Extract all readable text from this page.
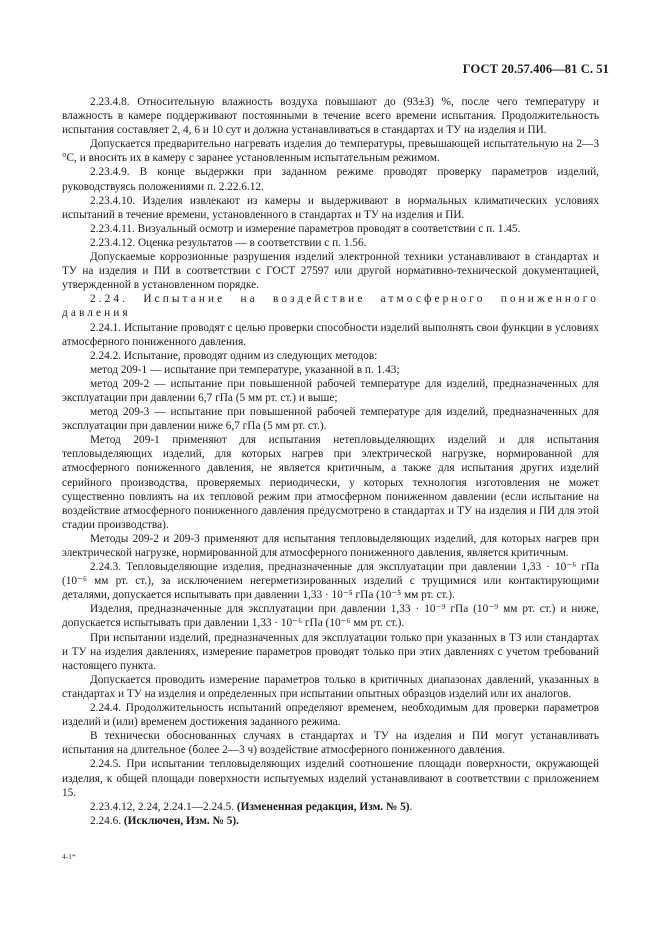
ГОСТ 20.57.406—81 С. 51

2.23.4.8. Относительную влажность воздуха повышают до (93±3) %, после чего температуру и влажность в камере поддерживают постоянными в течение всего времени испытания. Продолжительность испытания составляет 2, 4, 6 и 10 сут и должна устанавливаться в стандартах и ТУ на изделия и ПИ.

Допускается предварительно нагревать изделия до температуры, превышающей испытательную на 2—3 °С, и вносить их в камеру с заранее установленным испытательным режимом.

2.23.4.9. В конце выдержки при заданном режиме проводят проверку параметров изделий, руководствуясь положениями п. 2.22.6.12.

2.23.4.10. Изделия извлекают из камеры и выдерживают в нормальных климатических условиях испытаний в течение времени, установленного в стандартах и ТУ на изделия и ПИ.

2.23.4.11. Визуальный осмотр и измерение параметров проводят в соответствии с п. 1.45.

2.23.4.12. Оценка результатов — в соответствии с п. 1.56.

Допускаемые коррозионные разрушения изделий электронной техники устанавливают в стандартах и ТУ на изделия и ПИ в соответствии с ГОСТ 27597 или другой нормативно-технической документацией, утвержденной в установленном порядке.

2.24. Испытание на воздействие атмосферного пониженного давления

2.24.1. Испытание проводят с целью проверки способности изделий выполнять свои функции в условиях атмосферного пониженного давления.

2.24.2. Испытание, проводят одним из следующих методов:

метод 209-1 — испытание при температуре, указанной в п. 1.43;

метод 209-2 — испытание при повышенной рабочей температуре для изделий, предназначенных для эксплуатации при давлении 6,7 гПа (5 мм рт. ст.) и выше;

метод 209-3 — испытание при повышенной рабочей температуре для изделий, предназначенных для эксплуатации при давлении ниже 6,7 гПа (5 мм рт. ст.).

Метод 209-1 применяют для испытания нетепловыделяющих изделий и для испытания тепловыделяющих изделий, для которых нагрев при электрической нагрузке, нормированной для атмосферного пониженного давления, не является критичным, а также для испытания других изделий серийного производства, проверяемых периодически, у которых технология изготовления не может существенно повлиять на их тепловой режим при атмосферном пониженном давлении (если испытание на воздействие атмосферного пониженного давления предусмотрено в стандартах и ТУ на изделия и ПИ для этой стадии производства).

Методы 209-2 и 209-3 применяют для испытания тепловыделяющих изделий, для которых нагрев при электрической нагрузке, нормированной для атмосферного пониженного давления, является критичным.

2.24.3. Тепловыделяющие изделия, предназначенные для эксплуатации при давлении 1,33 · 10⁻⁶ гПа (10⁻⁶ мм рт. ст.), за исключением негерметизированных изделий с трущимися или контактирующими деталями, допускается испытывать при давлении 1,33 · 10⁻⁵ гПа (10⁻⁵ мм рт. ст.).

Изделия, предназначенные для эксплуатации при давлении 1,33 · 10⁻⁹ гПа (10⁻⁹ мм рт. ст.) и ниже, допускается испытывать при давлении 1,33 · 10⁻⁶ гПа (10⁻⁶ мм рт. ст.).

При испытании изделий, предназначенных для эксплуатации только при указанных в ТЗ или стандартах и ТУ на изделия давлениях, измерение параметров проводят только при этих давлениях с учетом требований настоящего пункта.

Допускается проводить измерение параметров только в критичных диапазонах давлений, указанных в стандартах и ТУ на изделия и определенных при испытании опытных образцов изделий или их аналогов.

2.24.4. Продолжительность испытаний определяют временем, необходимым для проверки параметров изделий и (или) временем достижения заданного режима.

В технически обоснованных случаях в стандартах и ТУ на изделия и ПИ могут устанавливать испытания на длительное (более 2—3 ч) воздействие атмосферного пониженного давления.

2.24.5. При испытании тепловыделяющих изделий соотношение площади поверхности, окружающей изделия, к общей площади поверхности испытуемых изделий устанавливают в соответствии с приложением 15.

2.23.4.12, 2.24, 2.24.1—2.24.5. (Измененная редакция, Изм. № 5).

2.24.6. (Исключен, Изм. № 5).

4-1*
